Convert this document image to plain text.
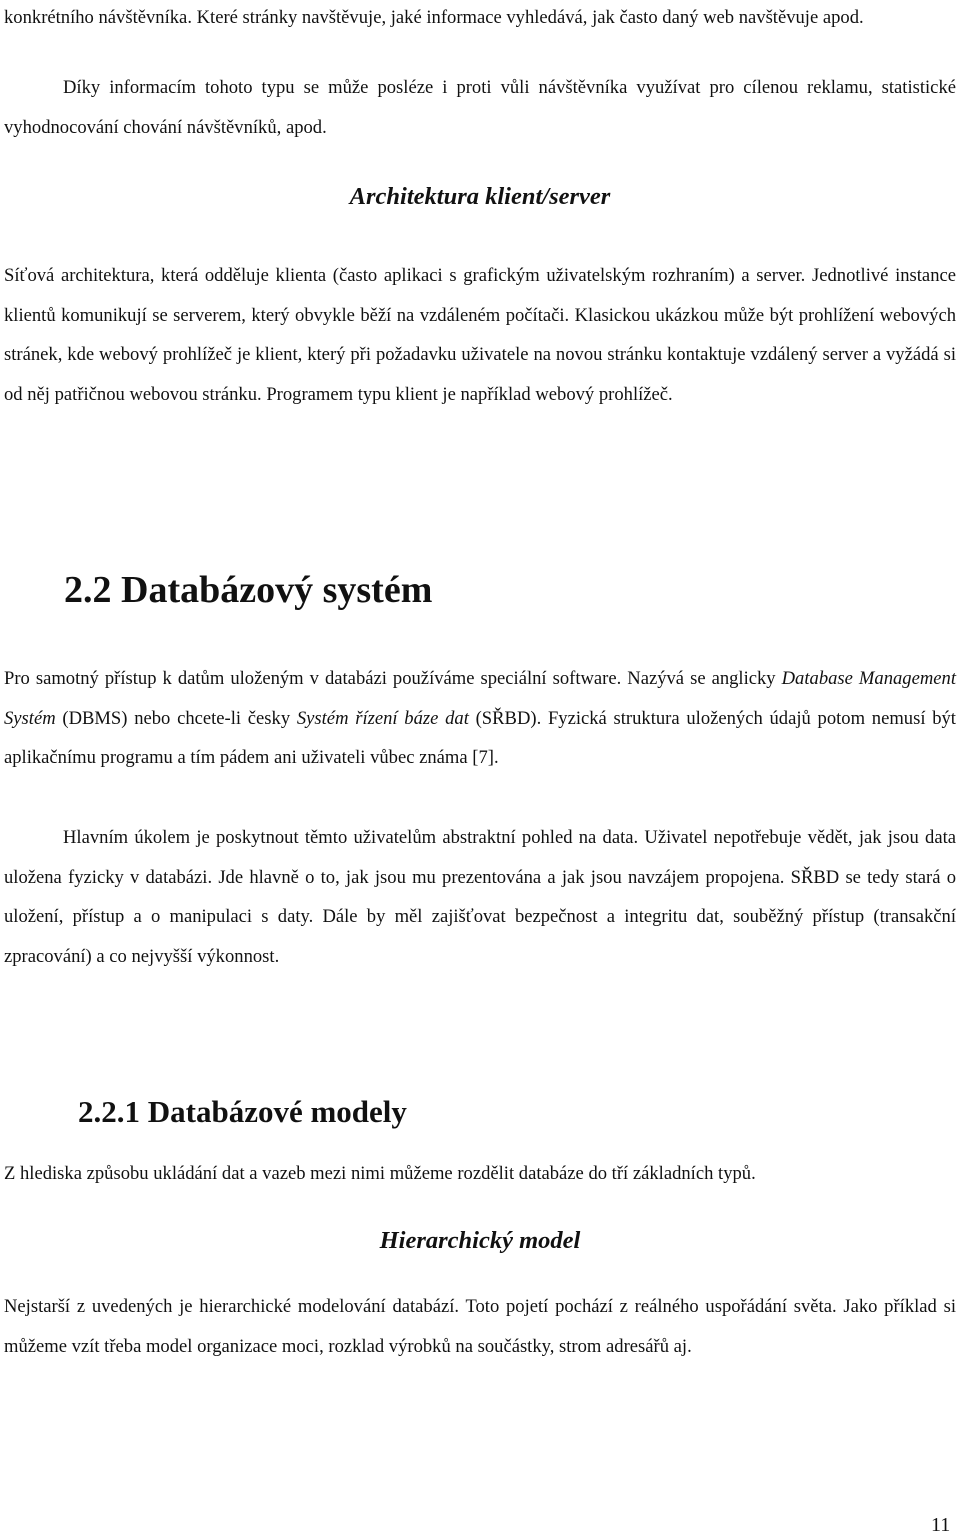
konkrétního návštěvníka. Které stránky navštěvuje, jaké informace vyhledává, jak často daný web navštěvuje apod.

Díky informacím tohoto typu se může posléze i proti vůli návštěvníka využívat pro cílenou reklamu, statistické vyhodnocování chování návštěvníků, apod.

Architektura klient/server

Síťová architektura, která odděluje klienta (často aplikaci s grafickým uživatelským rozhraním) a server. Jednotlivé instance klientů komunikují se serverem, který obvykle běží na vzdáleném počítači. Klasickou ukázkou může být prohlížení webových stránek, kde webový prohlížeč je klient, který při požadavku uživatele na novou stránku kontaktuje vzdálený server a vyžádá si od něj patřičnou webovou stránku. Programem typu klient je například webový prohlížeč.

2.2 Databázový systém

Pro samotný přístup k datům uloženým v databázi používáme speciální software. Nazývá se anglicky Database Management Systém (DBMS) nebo chcete-li česky Systém řízení báze dat (SŘBD). Fyzická struktura uložených údajů potom nemusí být aplikačnímu programu a tím pádem ani uživateli vůbec známa [7].

Hlavním úkolem je poskytnout těmto uživatelům abstraktní pohled na data. Uživatel nepotřebuje vědět, jak jsou data uložena fyzicky v databázi. Jde hlavně o to, jak jsou mu prezentována a jak jsou navzájem propojena. SŘBD se tedy stará o uložení, přístup a o manipulaci s daty. Dále by měl zajišťovat bezpečnost a integritu dat, souběžný přístup (transakční zpracování) a co nejvyšší výkonnost.

2.2.1 Databázové modely

Z hlediska způsobu ukládání dat a vazeb mezi nimi můžeme rozdělit databáze do tří základních typů.

Hierarchický model

Nejstarší z uvedených je hierarchické modelování databází. Toto pojetí pochází z reálného uspořádání světa. Jako příklad si můžeme vzít třeba model organizace moci, rozklad výrobků na součástky, strom adresářů aj.

11
